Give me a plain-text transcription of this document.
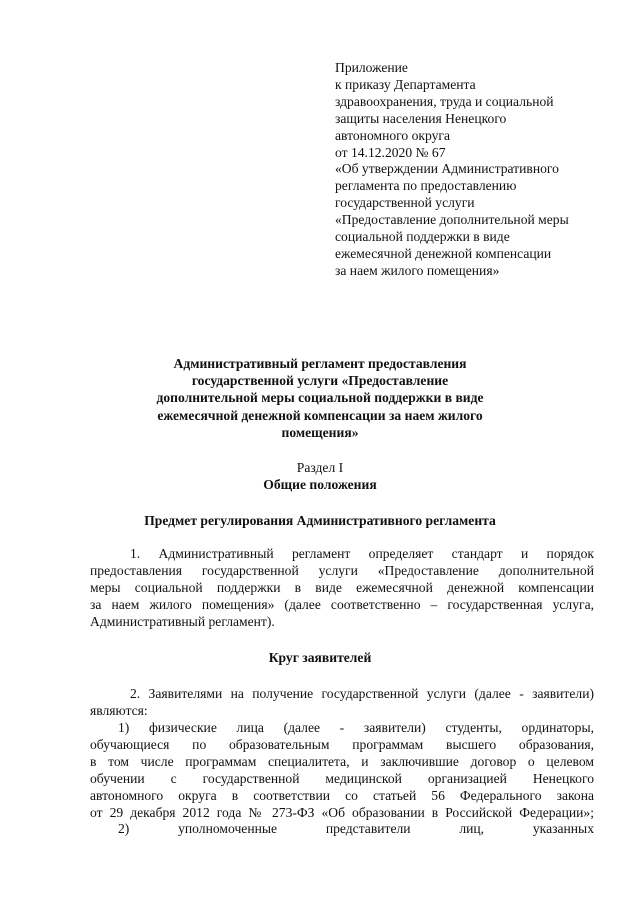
Приложение
к приказу Департамента
здравоохранения, труда и социальной
защиты населения Ненецкого
автономного округа
от 14.12.2020 № 67
«Об утверждении Административного
регламента по предоставлению
государственной услуги
«Предоставление дополнительной меры
социальной поддержки в виде
ежемесячной денежной компенсации
за наем жилого помещения»
Административный регламент предоставления
государственной услуги «Предоставление
дополнительной меры социальной поддержки в виде
ежемесячной денежной компенсации за наем жилого
помещения»
Раздел I
Общие положения
Предмет регулирования Административного регламента
1. Административный регламент определяет стандарт и порядок
предоставления государственной услуги «Предоставление дополнительной
меры социальной поддержки в виде ежемесячной денежной компенсации
за наем жилого помещения» (далее соответственно – государственная услуга,
Административный регламент).
Круг заявителей
2. Заявителями на получение государственной услуги (далее - заявители)
являются:
1) физические лица (далее - заявители) студенты, ординаторы,
обучающиеся по образовательным программам высшего образования,
в том числе программам специалитета, и заключившие договор о целевом
обучении с государственной медицинской организацией Ненецкого
автономного округа в соответствии со статьей 56 Федерального закона
от 29 декабря 2012 года № 273-ФЗ «Об образовании в Российской Федерации»;
2) уполномоченные представители лиц, указанных
